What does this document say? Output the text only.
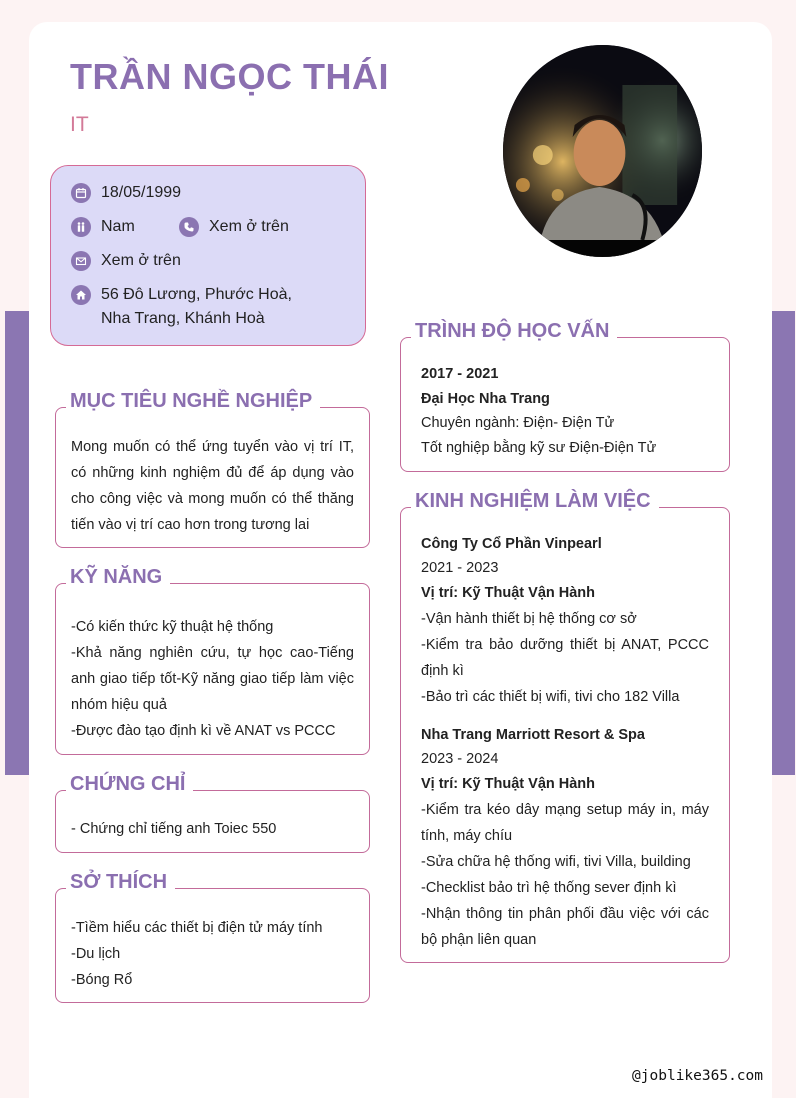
TRẦN NGỌC THÁI
IT
18/05/1999
Nam	Xem ở trên
Xem ở trên
56 Đô Lương, Phước Hoà, Nha Trang, Khánh Hoà
MỤC TIÊU NGHỀ NGHIỆP
Mong muốn có thể ứng tuyển vào vị trí IT, có những kinh nghiệm đủ để áp dụng vào cho công việc và mong muốn có thể thăng tiến vào vị trí cao hơn trong tương lai
KỸ NĂNG
-Có kiến thức kỹ thuật hệ thống
-Khả năng nghiên cứu, tự học cao-Tiếng anh giao tiếp tốt-Kỹ năng giao tiếp làm việc nhóm hiệu quả
-Được đào tạo định kì về ANAT vs PCCC
CHỨNG CHỈ
- Chứng chỉ tiếng anh Toiec 550
SỞ THÍCH
-Tìềm hiểu các thiết bị điện tử máy tính
-Du lịch
-Bóng Rổ
TRÌNH ĐỘ HỌC VẤN
2017 - 2021
Đại Học Nha Trang
Chuyên ngành: Điện- Điện Tử
Tốt nghiệp bằng kỹ sư Điện-Điện Tử
KINH NGHIỆM LÀM VIỆC
Công Ty Cổ Phần Vinpearl
2021 - 2023
Vị trí: Kỹ Thuật Vận Hành
-Vận hành thiết bị hệ thống cơ sở
-Kiểm tra bảo dưỡng thiết bị ANAT, PCCC định kì
-Bảo trì các thiết bị wifi, tivi cho 182 Villa
Nha Trang Marriott Resort & Spa
2023 - 2024
Vị trí: Kỹ Thuật Vận Hành
-Kiểm tra kéo dây mạng setup máy in, máy tính, máy chíu
-Sửa chữa hệ thống wifi, tivi Villa, building
-Checklist bảo trì hệ thống sever định kì
-Nhận thông tin phân phối đầu việc với các bộ phận liên quan
@joblike365.com
